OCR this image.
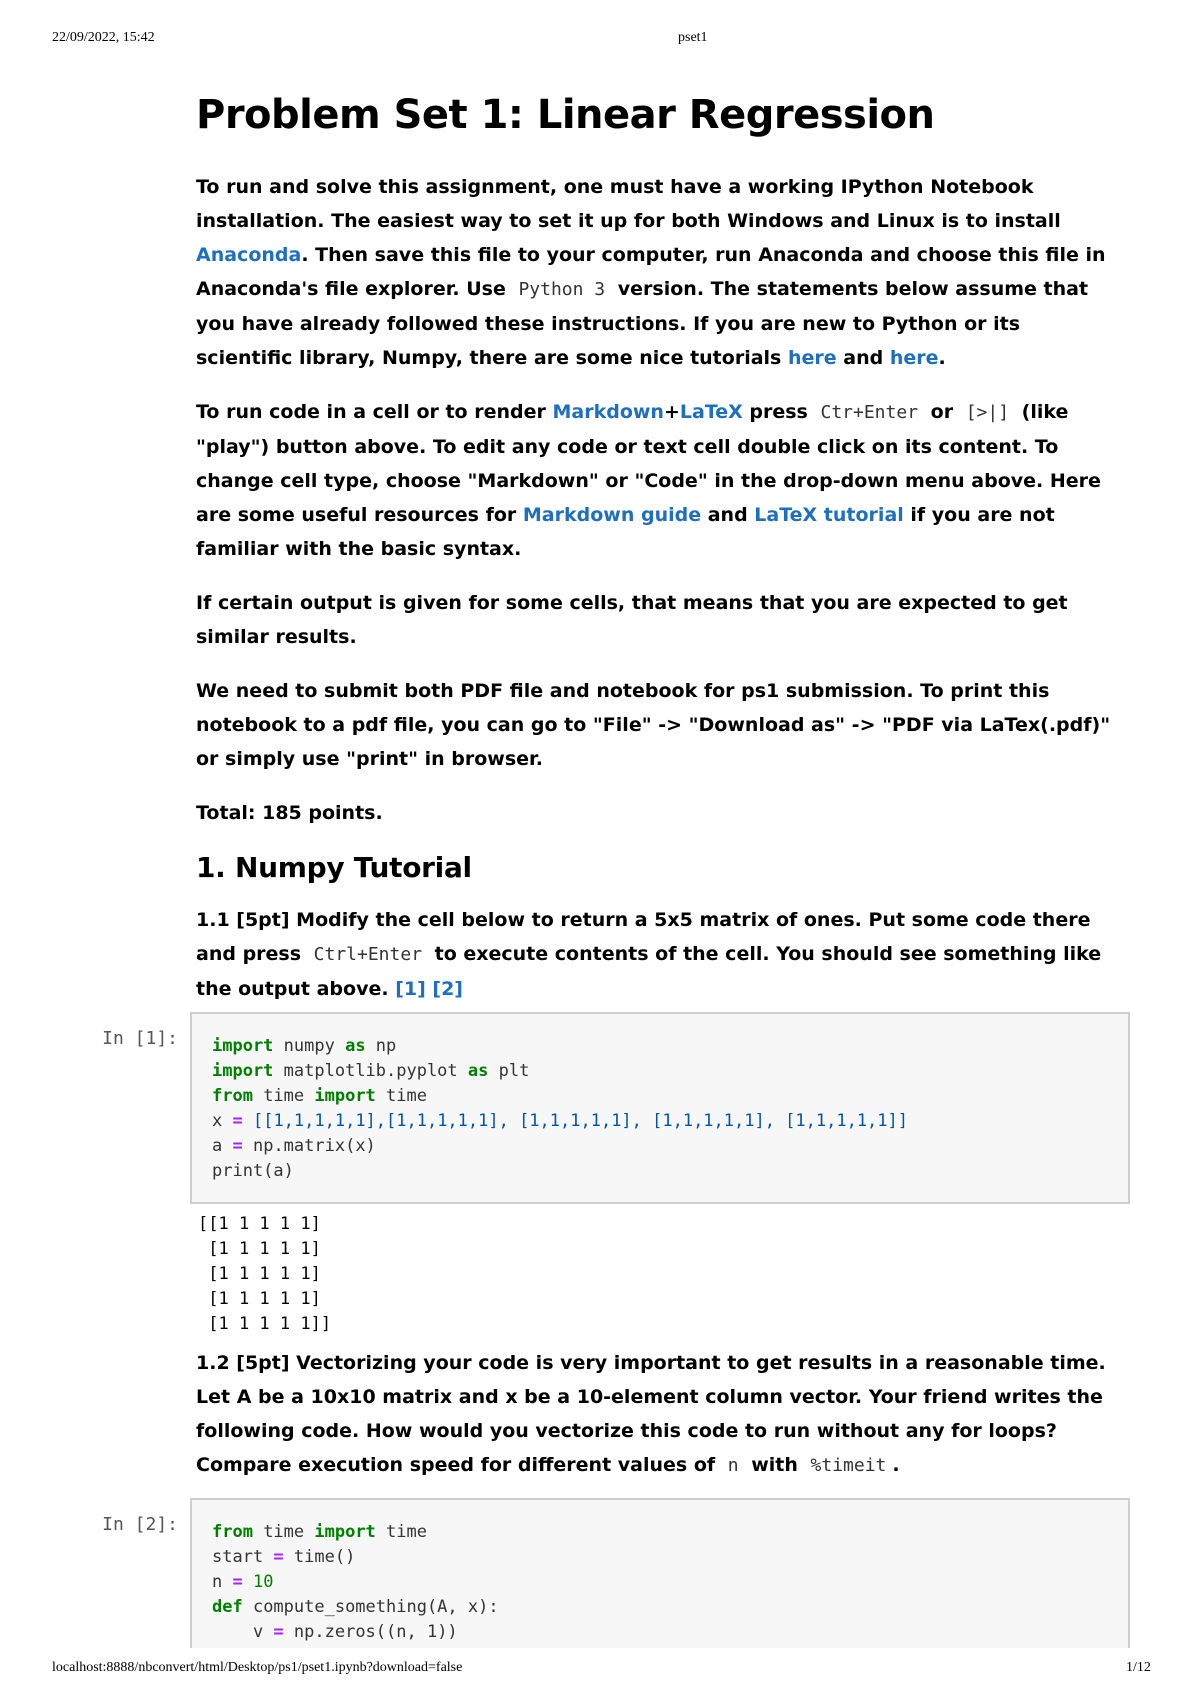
22/09/2022, 15:42	pset1
Problem Set 1: Linear Regression

To run and solve this assignment, one must have a working IPython Notebook installation. The easiest way to set it up for both Windows and Linux is to install Anaconda. Then save this file to your computer, run Anaconda and choose this file in Anaconda's file explorer. Use Python 3 version. The statements below assume that you have already followed these instructions. If you are new to Python or its scientific library, Numpy, there are some nice tutorials here and here.

To run code in a cell or to render Markdown+LaTeX press Ctr+Enter or [>|] (like "play") button above. To edit any code or text cell double click on its content. To change cell type, choose "Markdown" or "Code" in the drop-down menu above. Here are some useful resources for Markdown guide and LaTeX tutorial if you are not familiar with the basic syntax.

If certain output is given for some cells, that means that you are expected to get similar results.

We need to submit both PDF file and notebook for ps1 submission. To print this notebook to a pdf file, you can go to "File" -> "Download as" -> "PDF via LaTex(.pdf)" or simply use "print" in browser.

Total: 185 points.

1. Numpy Tutorial

1.1 [5pt] Modify the cell below to return a 5x5 matrix of ones. Put some code there and press Ctrl+Enter to execute contents of the cell. You should see something like the output above. [1] [2]

In [1]:	import numpy as np
import matplotlib.pyplot as plt
from time import time
x = [[1,1,1,1,1],[1,1,1,1,1], [1,1,1,1,1], [1,1,1,1,1], [1,1,1,1,1]]
a = np.matrix(x)
print(a)
[[1 1 1 1 1]
[1 1 1 1 1]
[1 1 1 1 1]
[1 1 1 1 1]
[1 1 1 1 1]]

1.2 [5pt] Vectorizing your code is very important to get results in a reasonable time. Let A be a 10x10 matrix and x be a 10-element column vector. Your friend writes the following code. How would you vectorize this code to run without any for loops? Compare execution speed for different values of n with %timeit .

In [2]:	from time import time
start = time()
n = 10
def compute_something(A, x):
v = np.zeros((n, 1))
localhost:8888/nbconvert/html/Desktop/ps1/pset1.ipynb?download=false	1/12
